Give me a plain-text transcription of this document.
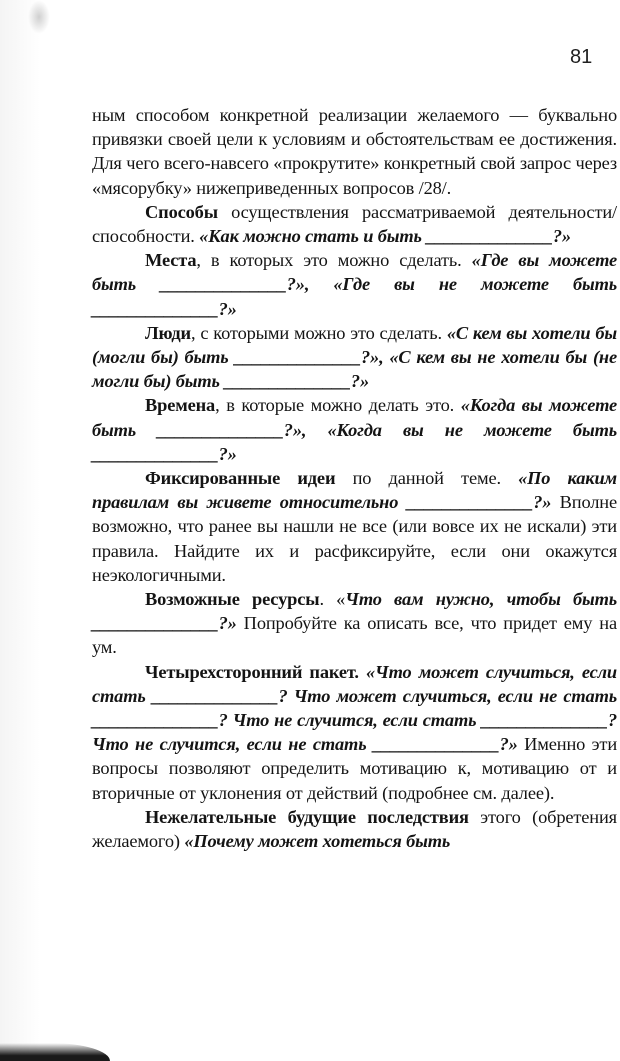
81

ным способом конкретной реализации желаемого — буквально привязки своей цели к условиям и обстоятельствам ее достижения. Для чего всего-навсего «прокрутите» конкретный свой запрос через «мясорубку» нижеприведенных вопросов /28/.

Способы осуществления рассматриваемой деятельности/способности. «Как можно стать и быть ______________?»

Места, в которых это можно сделать. «Где вы можете быть ______________?», «Где вы не можете быть ______________?»

Люди, с которыми можно это сделать. «С кем вы хотели бы (могли бы) быть ______________?», «С кем вы не хотели бы (не могли бы) быть ______________?»

Времена, в которые можно делать это. «Когда вы можете быть ______________?», «Когда вы не можете быть ______________?»

Фиксированные идеи по данной теме. «По каким правилам вы живете относительно ______________?» Вполне возможно, что ранее вы нашли не все (или вовсе их не искали) эти правила. Найдите их и расфиксируйте, если они окажутся неэкологичными.

Возможные ресурсы. «Что вам нужно, чтобы быть ______________?» Попробуйте ка описать все, что придет ему на ум.

Четырехсторонний пакет. «Что может случиться, если стать ______________? Что может случиться, если не стать ______________? Что не случится, если стать ______________? Что не случится, если не стать ______________?» Именно эти вопросы позволяют определить мотивацию к, мотивацию от и вторичные от уклонения от действий (подробнее см. далее).

Нежелательные будущие последствия этого (обретения желаемого) «Почему может хотеться быть
